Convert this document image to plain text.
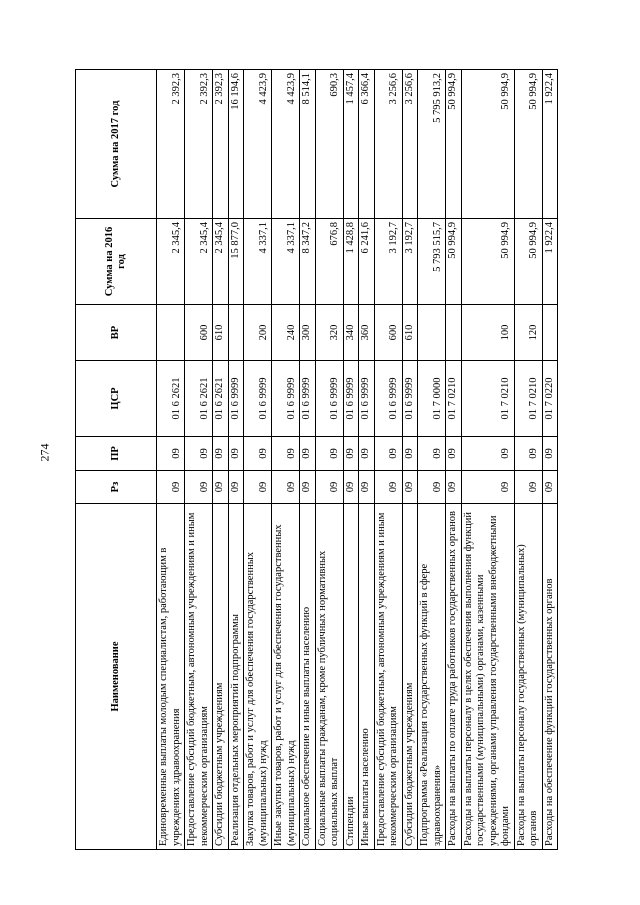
274
Наименование	Рз	ПР	ЦСР	ВР	Сумма на 2016 год	Сумма на 2017 год
Единовременные выплаты молодым специалистам, работающим в учреждениях здравоохранения	09	09	01 6 2621		2 345,4	2 392,3
Предоставление субсидий бюджетным, автономным учреждениям и иным некоммерческим организациям	09	09	01 6 2621	600	2 345,4	2 392,3
Субсидии бюджетным учреждениям	09	09	01 6 2621	610	2 345,4	2 392,3
Реализация отдельных мероприятий подпрограммы	09	09	01 6 9999		15 877,0	16 194,6
Закупка товаров, работ и услуг для обеспечения государственных (муниципальных) нужд	09	09	01 6 9999	200	4 337,1	4 423,9
Иные закупки товаров, работ и услуг для обеспечения государственных (муниципальных) нужд	09	09	01 6 9999	240	4 337,1	4 423,9
Социальное обеспечение и иные выплаты населению	09	09	01 6 9999	300	8 347,2	8 514,1
Социальные выплаты гражданам, кроме публичных нормативных социальных выплат	09	09	01 6 9999	320	676,8	690,3
Стипендии	09	09	01 6 9999	340	1 428,8	1 457,4
Иные выплаты населению	09	09	01 6 9999	360	6 241,6	6 366,4
Предоставление субсидий бюджетным, автономным учреждениям и иным некоммерческим организациям	09	09	01 6 9999	600	3 192,7	3 256,6
Субсидии бюджетным учреждениям	09	09	01 6 9999	610	3 192,7	3 256,6
Подпрограмма «Реализация государственных функций в сфере здравоохранения»	09	09	01 7 0000		5 793 515,7	5 795 913,2
Расходы на выплаты по оплате труда работников государственных органов	09	09	01 7 0210		50 994,9	50 994,9
Расходы на выплаты персоналу в целях обеспечения выполнения функций государственными (муниципальными) органами, казенными учреждениями, органами управления государственными внебюджетными фондами	09	09	01 7 0210	100	50 994,9	50 994,9
Расходы на выплаты персоналу государственных (муниципальных) органов	09	09	01 7 0210	120	50 994,9	50 994,9
Расходы на обеспечение функций государственных органов	09	09	01 7 0220		1 922,4	1 922,4
